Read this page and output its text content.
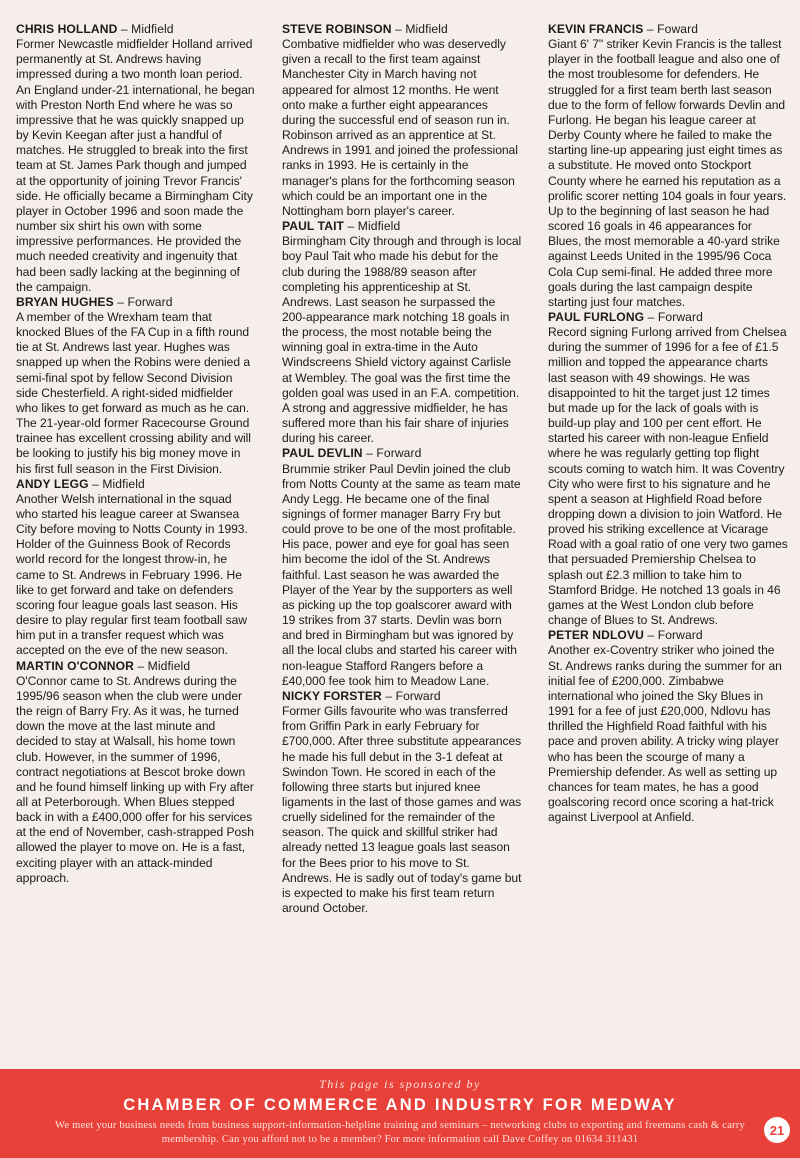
CHRIS HOLLAND – Midfield
Former Newcastle midfielder Holland arrived permanently at St. Andrews having impressed during a two month loan period. An England under-21 international, he began with Preston North End where he was so impressive that he was quickly snapped up by Kevin Keegan after just a handful of matches. He struggled to break into the first team at St. James Park though and jumped at the opportunity of joining Trevor Francis' side. He officially became a Birmingham City player in October 1996 and soon made the number six shirt his own with some impressive performances. He provided the much needed creativity and ingenuity that had been sadly lacking at the beginning of the campaign.

BRYAN HUGHES – Forward
A member of the Wrexham team that knocked Blues of the FA Cup in a fifth round tie at St. Andrews last year. Hughes was snapped up when the Robins were denied a semi-final spot by fellow Second Division side Chesterfield. A right-sided midfielder who likes to get forward as much as he can. The 21-year-old former Racecourse Ground trainee has excellent crossing ability and will be looking to justify his big money move in his first full season in the First Division.

ANDY LEGG – Midfield
Another Welsh international in the squad who started his league career at Swansea City before moving to Notts County in 1993. Holder of the Guinness Book of Records world record for the longest throw-in, he came to St. Andrews in February 1996. He like to get forward and take on defenders scoring four league goals last season. His desire to play regular first team football saw him put in a transfer request which was accepted on the eve of the new season.

MARTIN O'CONNOR – Midfield
O'Connor came to St. Andrews during the 1995/96 season when the club were under the reign of Barry Fry. As it was, he turned down the move at the last minute and decided to stay at Walsall, his home town club. However, in the summer of 1996, contract negotiations at Bescot broke down and he found himself linking up with Fry after all at Peterborough. When Blues stepped back in with a £400,000 offer for his services at the end of November, cash-strapped Posh allowed the player to move on. He is a fast, exciting player with an attack-minded approach.

STEVE ROBINSON – Midfield
Combative midfielder who was deservedly given a recall to the first team against Manchester City in March having not appeared for almost 12 months. He went onto make a further eight appearances during the successful end of season run in. Robinson arrived as an apprentice at St. Andrews in 1991 and joined the professional ranks in 1993. He is certainly in the manager's plans for the forthcoming season which could be an important one in the Nottingham born player's career.

PAUL TAIT – Midfield
Birmingham City through and through is local boy Paul Tait who made his debut for the club during the 1988/89 season after completing his apprenticeship at St. Andrews. Last season he surpassed the 200-appearance mark notching 18 goals in the process, the most notable being the winning goal in extra-time in the Auto Windscreens Shield victory against Carlisle at Wembley. The goal was the first time the golden goal was used in an F.A. competition. A strong and aggressive midfielder, he has suffered more than his fair share of injuries during his career.

PAUL DEVLIN – Forward
Brummie striker Paul Devlin joined the club from Notts County at the same as team mate Andy Legg. He became one of the final signings of former manager Barry Fry but could prove to be one of the most profitable. His pace, power and eye for goal has seen him become the idol of the St. Andrews faithful. Last season he was awarded the Player of the Year by the supporters as well as picking up the top goalscorer award with 19 strikes from 37 starts. Devlin was born and bred in Birmingham but was ignored by all the local clubs and started his career with non-league Stafford Rangers before a £40,000 fee took him to Meadow Lane.

NICKY FORSTER – Forward
Former Gills favourite who was transferred from Griffin Park in early February for £700,000. After three substitute appearances he made his full debut in the 3-1 defeat at Swindon Town. He scored in each of the following three starts but injured knee ligaments in the last of those games and was cruelly sidelined for the remainder of the season. The quick and skillful striker had already netted 13 league goals last season for the Bees prior to his move to St. Andrews. He is sadly out of today's game but is expected to make his first team return around October.

KEVIN FRANCIS – Foward
Giant 6' 7" striker Kevin Francis is the tallest player in the football league and also one of the most troublesome for defenders. He struggled for a first team berth last season due to the form of fellow forwards Devlin and Furlong. He began his league career at Derby County where he failed to make the starting line-up appearing just eight times as a substitute. He moved onto Stockport County where he earned his reputation as a prolific scorer netting 104 goals in four years. Up to the beginning of last season he had scored 16 goals in 46 appearances for Blues, the most memorable a 40-yard strike against Leeds United in the 1995/96 Coca Cola Cup semi-final. He added three more goals during the last campaign despite starting just four matches.

PAUL FURLONG – Forward
Record signing Furlong arrived from Chelsea during the summer of 1996 for a fee of £1.5 million and topped the appearance charts last season with 49 showings. He was disappointed to hit the target just 12 times but made up for the lack of goals with is build-up play and 100 per cent effort. He started his career with non-league Enfield where he was regularly getting top flight scouts coming to watch him. It was Coventry City who were first to his signature and he spent a season at Highfield Road before dropping down a division to join Watford. He proved his striking excellence at Vicarage Road with a goal ratio of one very two games that persuaded Premiership Chelsea to splash out £2.3 million to take him to Stamford Bridge. He notched 13 goals in 46 games at the West London club before change of Blues to St. Andrews.

PETER NDLOVU – Forward
Another ex-Coventry striker who joined the St. Andrews ranks during the summer for an initial fee of £200,000. Zimbabwe international who joined the Sky Blues in 1991 for a fee of just £20,000, Ndlovu has thrilled the Highfield Road faithful with his pace and proven ability. A tricky wing player who has been the scourge of many a Premiership defender. As well as setting up chances for team mates, he has a good goalscoring record once scoring a hat-trick against Liverpool at Anfield.

This page is sponsored by
CHAMBER OF COMMERCE AND INDUSTRY FOR MEDWAY
We meet your business needs from business support-information-helpline training and seminars – networking clubs to exporting and freemans cash & carry membership. Can you afford not to be a member? For more information call Dave Coffey on 01634 311431
21
